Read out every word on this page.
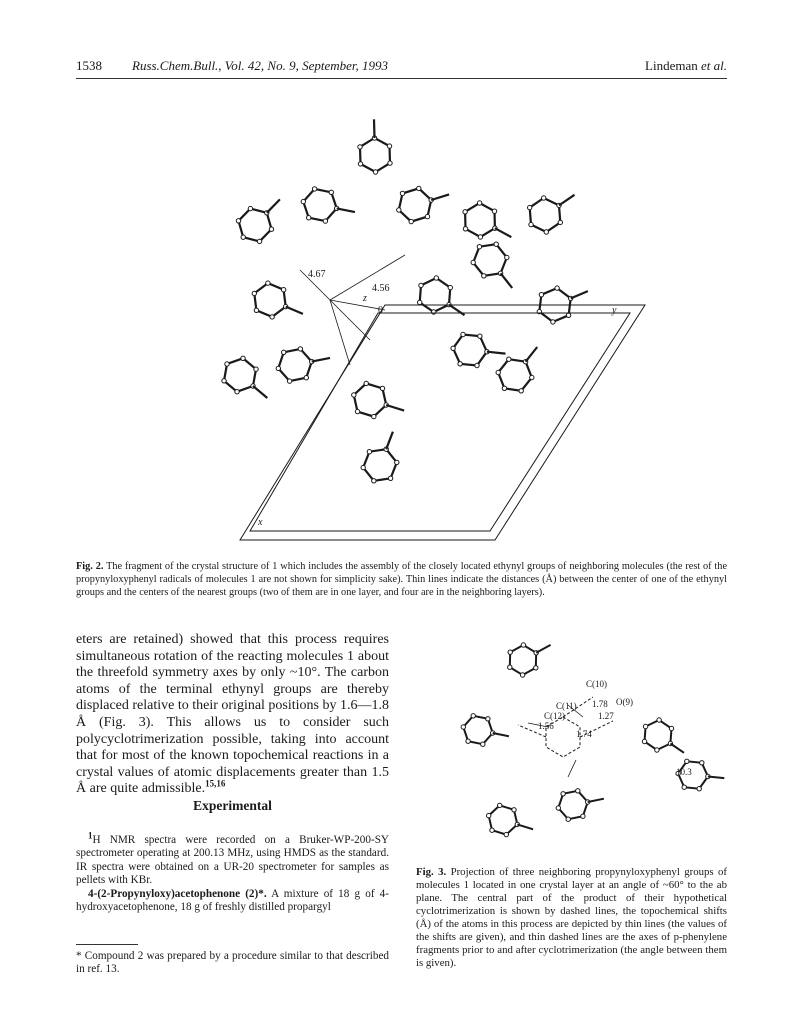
1538 Russ.Chem.Bull., Vol. 42, No. 9, September, 1993	Lindeman et al.
4.67
4.56
z
0	y
x
Fig. 2. The fragment of the crystal structure of 1 which includes the assembly of the closely located ethynyl groups of neighboring molecules (the rest of the propynyloxyphenyl radicals of molecules 1 are not shown for simplicity sake). Thin lines indicate the distances (Å) between the center of one of the ethynyl groups and the centers of the nearest groups (two of them are in one layer, and four are in the neighboring layers).

eters are retained) showed that this process requires simultaneous rotation of the reacting molecules 1 about the threefold symmetry axes by only ~10°. The carbon atoms of the terminal ethynyl groups are thereby displaced relative to their original positions by 1.6—1.8 Å (Fig. 3). This allows us to consider such polycyclotrimerization possible, taking into account that for most of the known topochemical reactions in a crystal values of atomic displacements greater than 1.5 Å are quite admissible.$^{15,16}$

Experimental

$^1$H NMR spectra were recorded on a Bruker-WP-200-SY spectrometer operating at 200.13 MHz, using HMDS as the standard. IR spectra were obtained on a UR-20 spectrometer for samples as pellets with KBr.

4-(2-Propynyloxy)acetophenone (2)*. A mixture of 18 g of 4-hydroxyacetophenone, 18 g of freshly distilled propargyl

* Compound 2 was prepared by a procedure similar to that described in ref. 13.
C(10)
C(11)
C(12)
O(9)
1.78
1.27
1.56
1.74
10.3
Fig. 3. Projection of three neighboring propynyloxyphenyl groups of molecules 1 located in one crystal layer at an angle of ~60° to the ab plane. The central part of the product of their hypothetical cyclotrimerization is shown by dashed lines, the topochemical shifts (Å) of the atoms in this process are depicted by thin lines (the values of the shifts are given), and thin dashed lines are the axes of p-phenylene fragments prior to and after cyclotrimerization (the angle between them is given).
